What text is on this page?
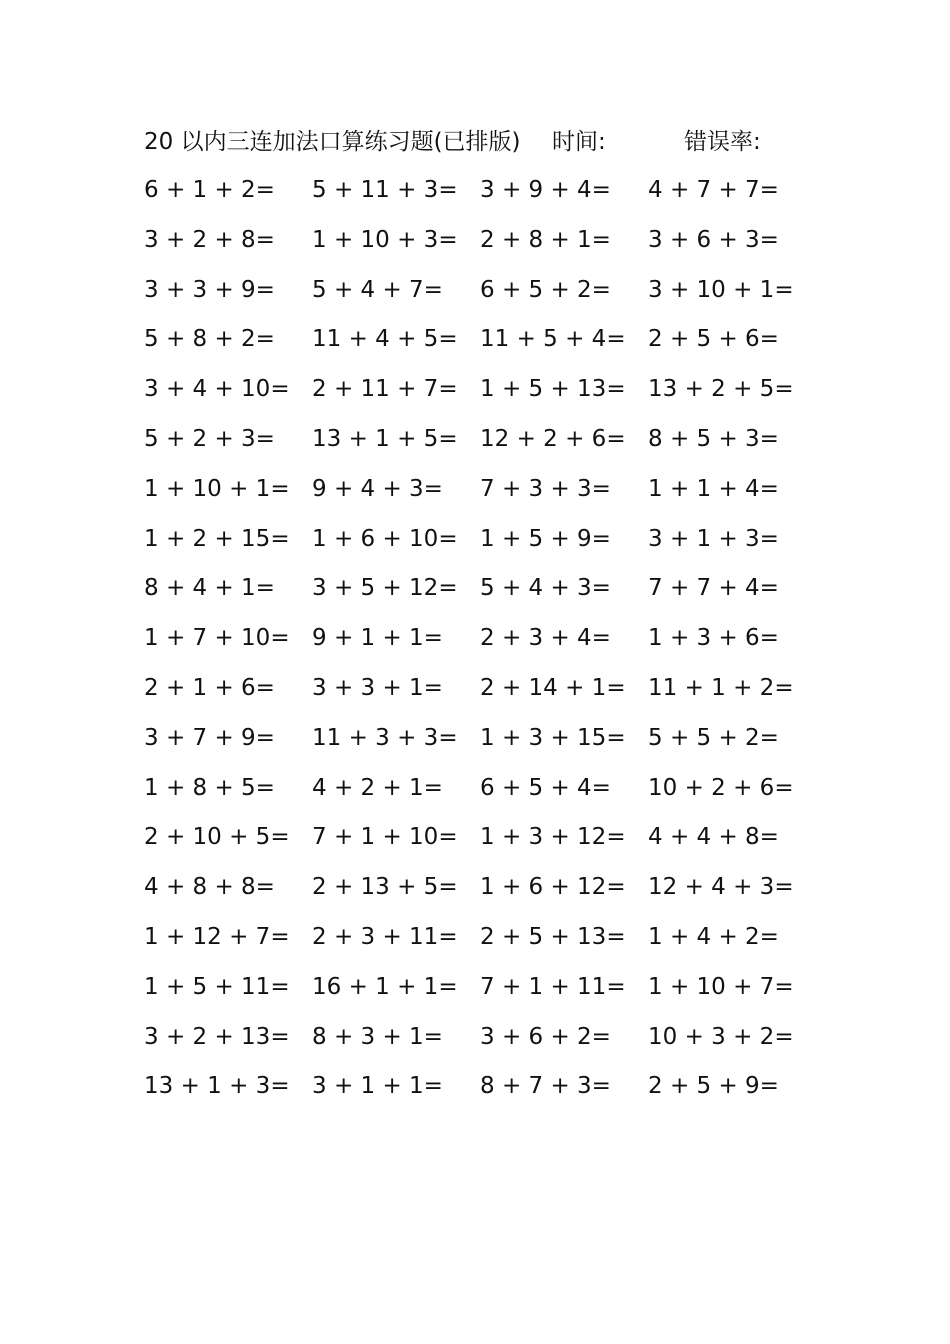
20 以内三连加法口算练习题(已排版) 时间:	错误率:
6 + 1 + 2= 5 + 11 + 3= 3 + 9 + 4= 4 + 7 + 7=
3 + 2 + 8= 1 + 10 + 3= 2 + 8 + 1= 3 + 6 + 3=
3 + 3 + 9= 5 + 4 + 7= 6 + 5 + 2= 3 + 10 + 1=
5 + 8 + 2= 11 + 4 + 5= 11 + 5 + 4= 2 + 5 + 6=
3 + 4 + 10= 2 + 11 + 7= 1 + 5 + 13= 13 + 2 + 5=
5 + 2 + 3= 13 + 1 + 5= 12 + 2 + 6= 8 + 5 + 3=
1 + 10 + 1= 9 + 4 + 3= 7 + 3 + 3= 1 + 1 + 4=
1 + 2 + 15= 1 + 6 + 10= 1 + 5 + 9= 3 + 1 + 3=
8 + 4 + 1= 3 + 5 + 12= 5 + 4 + 3= 7 + 7 + 4=
1 + 7 + 10= 9 + 1 + 1= 2 + 3 + 4= 1 + 3 + 6=
2 + 1 + 6= 3 + 3 + 1= 2 + 14 + 1= 11 + 1 + 2=
3 + 7 + 9= 11 + 3 + 3= 1 + 3 + 15= 5 + 5 + 2=
1 + 8 + 5= 4 + 2 + 1= 6 + 5 + 4= 10 + 2 + 6=
2 + 10 + 5= 7 + 1 + 10= 1 + 3 + 12= 4 + 4 + 8=
4 + 8 + 8= 2 + 13 + 5= 1 + 6 + 12= 12 + 4 + 3=
1 + 12 + 7= 2 + 3 + 11= 2 + 5 + 13= 1 + 4 + 2=
1 + 5 + 11= 16 + 1 + 1= 7 + 1 + 11= 1 + 10 + 7=
3 + 2 + 13= 8 + 3 + 1= 3 + 6 + 2= 10 + 3 + 2=
13 + 1 + 3= 3 + 1 + 1= 8 + 7 + 3= 2 + 5 + 9=
